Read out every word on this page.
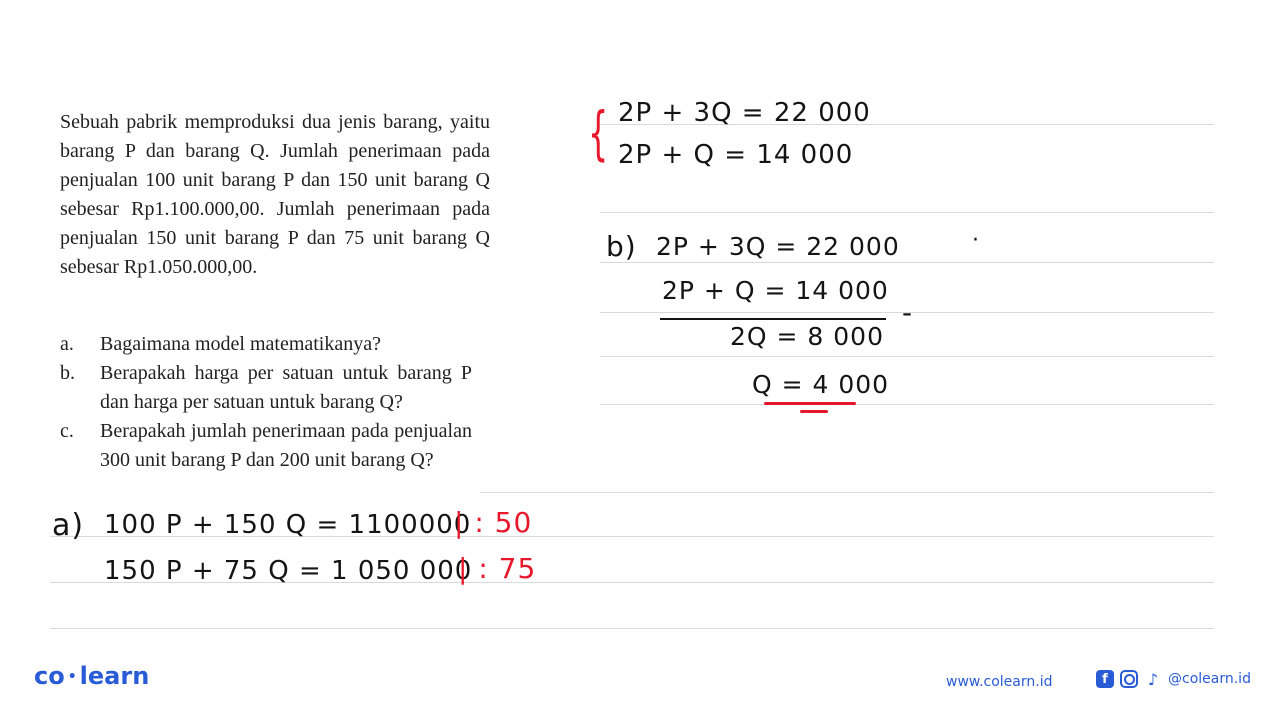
Sebuah pabrik memproduksi dua jenis barang, yaitu barang P dan barang Q. Jumlah penerimaan pada penjualan 100 unit barang P dan 150 unit barang Q sebesar Rp1.100.000,00. Jumlah penerimaan pada penjualan 150 unit barang P dan 75 unit barang Q sebesar Rp1.050.000,00.

a.	Bagaimana model matematikanya?
b.	Berapakah harga per satuan untuk barang P dan harga per satuan untuk barang Q?
c.	Berapakah jumlah penerimaan pada penjualan 300 unit barang P dan 200 unit barang Q?
{ 2P + 3Q = 22 000
2P + Q = 14 000
b) 2P + 3Q = 22 000
2P + Q = 14 000
-
2Q = 8 000
Q = 4 000
·
a) 100 P + 150 Q = 1100000
| : 50
150 P + 75 Q = 1 050 000
| : 75
co • learn	www.colearn.id	f	♪ @colearn.id
